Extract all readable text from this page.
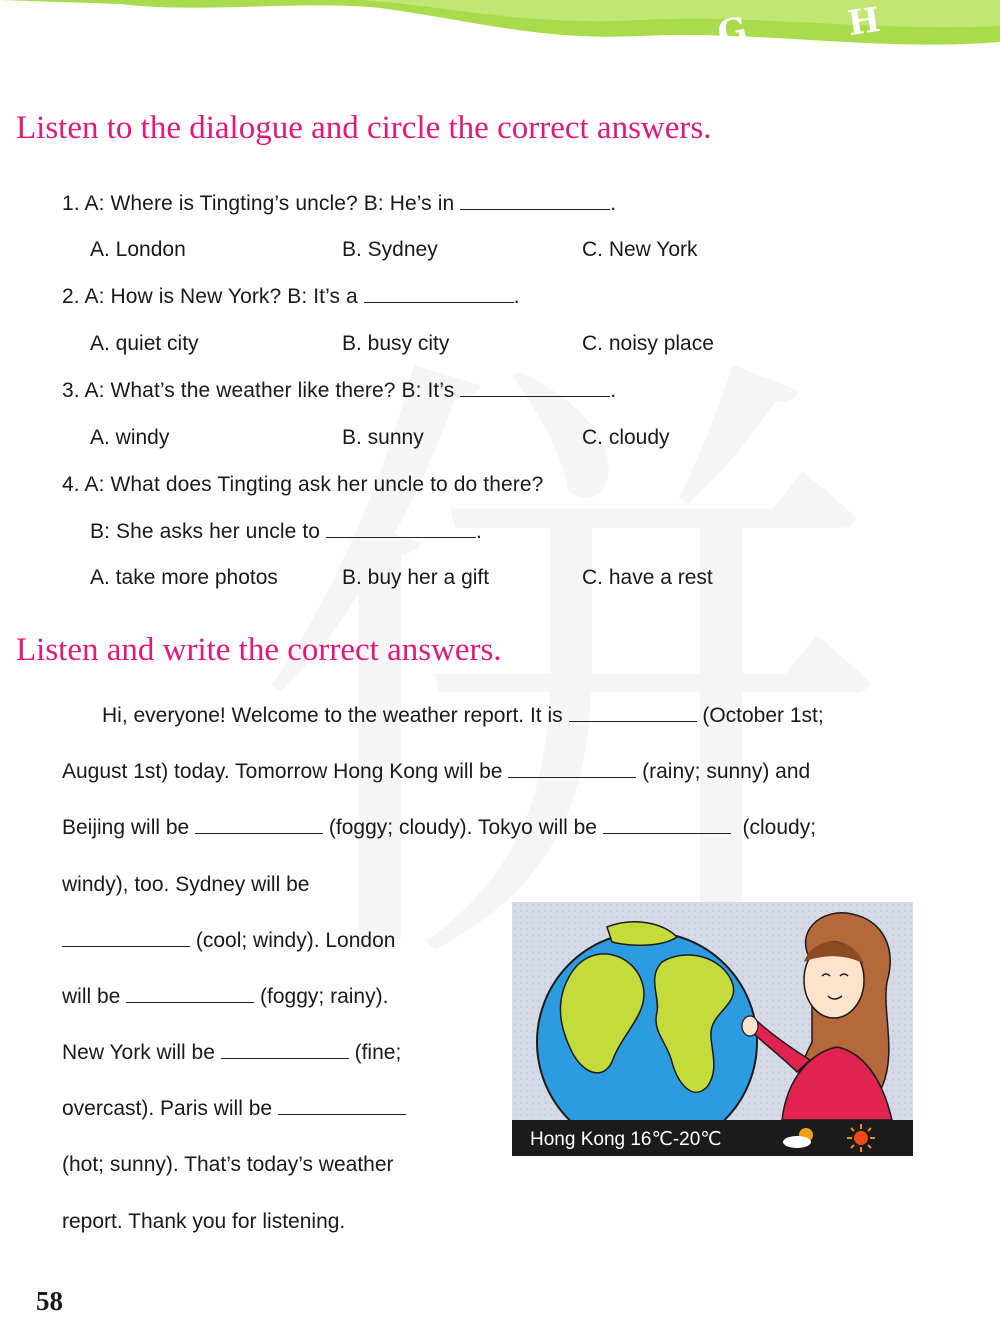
G	H
Listen to the dialogue and circle the correct answers.
1. A: Where is Tingting’s uncle? B: He’s in	.
A. London	B. Sydney	C. New York
2. A: How is New York? B: It’s a	.
A. quiet city	B. busy city	C. noisy place
3. A: What’s the weather like there? B: It’s	.
A. windy	B. sunny	C. cloudy
4. A: What does Tingting ask her uncle to do there?
B: She asks her uncle to	.
A. take more photos	B. buy her a gift	C. have a rest
Listen and write the correct answers.
Hi, everyone! Welcome to the weather report. It is	(October 1st;
August 1st) today. Tomorrow Hong Kong will be	(rainy; sunny) and
Beijing will be	(foggy; cloudy). Tokyo will be	(cloudy;
windy), too. Sydney will be
(cool; windy). London
will be	(foggy; rainy).
New York will be	(fine;
overcast). Paris will be
(hot; sunny). That’s today’s weather
report. Thank you for listening.
Hong Kong 16℃-20℃
58
